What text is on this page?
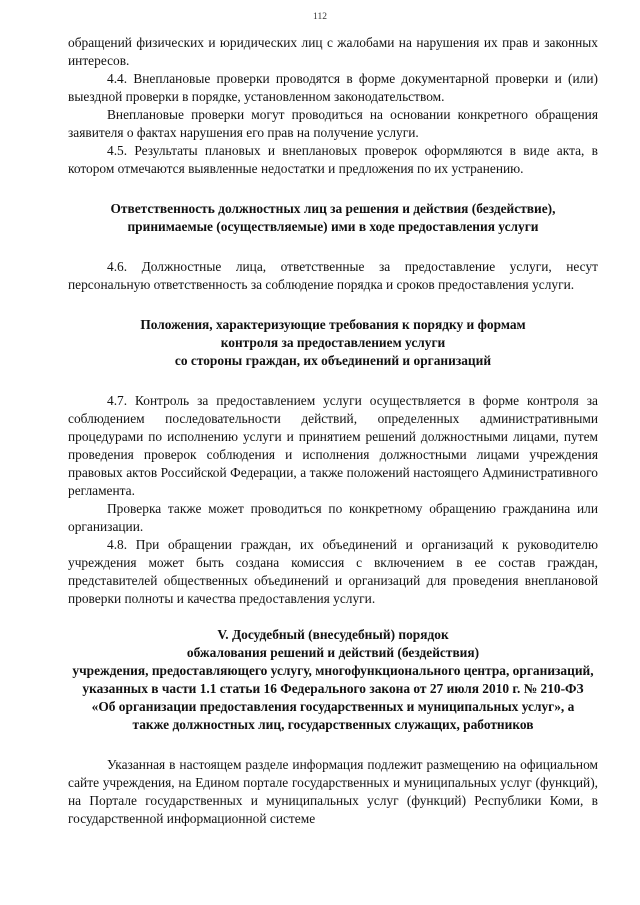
112

обращений физических и юридических лиц с жалобами на нарушения их прав и законных интересов.

4.4. Внеплановые проверки проводятся в форме документарной проверки и (или) выездной проверки в порядке, установленном законодательством.

Внеплановые проверки могут проводиться на основании конкретного обращения заявителя о фактах нарушения его прав на получение услуги.

4.5. Результаты плановых и внеплановых проверок оформляются в виде акта, в котором отмечаются выявленные недостатки и предложения по их устранению.

Ответственность должностных лиц за решения и действия (бездействие), принимаемые (осуществляемые) ими в ходе предоставления услуги

4.6. Должностные лица, ответственные за предоставление услуги, несут персональную ответственность за соблюдение порядка и сроков предоставления услуги.

Положения, характеризующие требования к порядку и формам

контроля за предоставлением услуги

со стороны граждан, их объединений и организаций

4.7. Контроль за предоставлением услуги осуществляется в форме контроля за соблюдением последовательности действий, определенных административными процедурами по исполнению услуги и принятием решений должностными лицами, путем проведения проверок соблюдения и исполнения должностными лицами учреждения правовых актов Российской Федерации, а также положений настоящего Административного регламента.

Проверка также может проводиться по конкретному обращению гражданина или организации.

4.8. При обращении граждан, их объединений и организаций к руководителю учреждения может быть создана комиссия с включением в ее состав граждан, представителей общественных объединений и организаций для проведения внеплановой проверки полноты и качества предоставления услуги.

V. Досудебный (внесудебный) порядок

обжалования решений и действий (бездействия)

учреждения, предоставляющего услугу, многофункционального центра, организаций, указанных в части 1.1 статьи 16 Федерального закона от 27 июля 2010 г. № 210-ФЗ «Об организации предоставления государственных и муниципальных услуг», а также должностных лиц, государственных служащих, работников

Указанная в настоящем разделе информация подлежит размещению на официальном сайте учреждения, на Едином портале государственных и муниципальных услуг (функций), на Портале государственных и муниципальных услуг (функций) Республики Коми, в государственной информационной системе
